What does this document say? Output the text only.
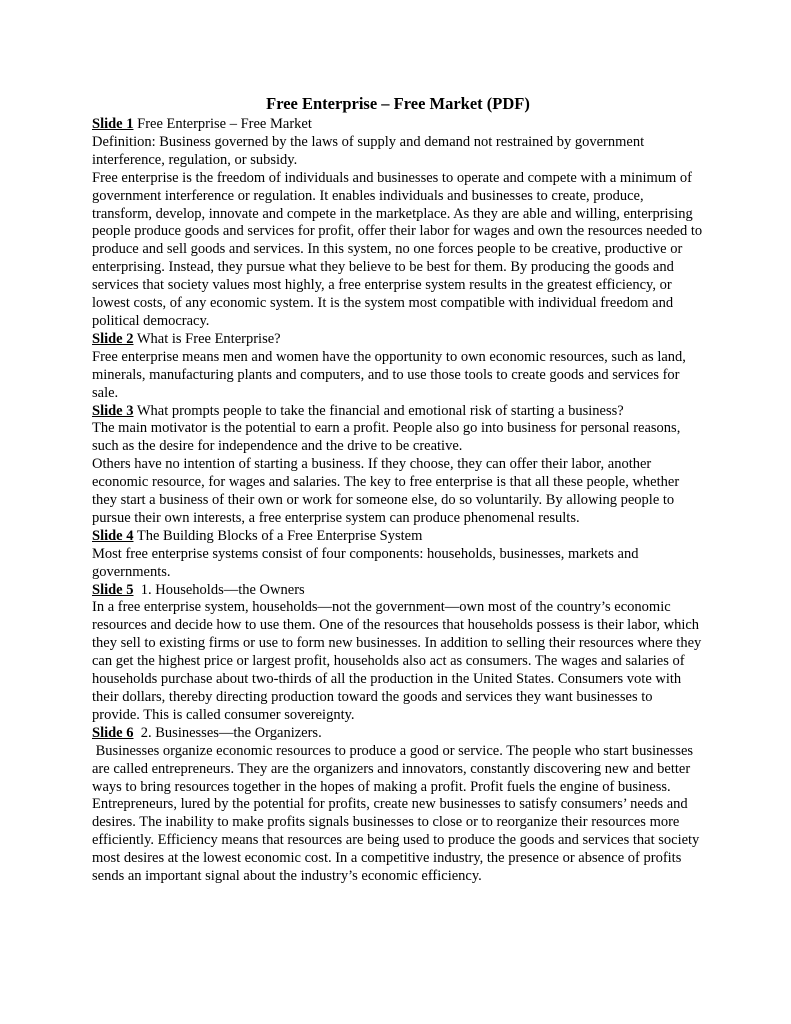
Free Enterprise – Free Market (PDF)

Slide 1 Free Enterprise – Free Market

Definition: Business governed by the laws of supply and demand not restrained by government interference, regulation, or subsidy.

Free enterprise is the freedom of individuals and businesses to operate and compete with a minimum of government interference or regulation. It enables individuals and businesses to create, produce, transform, develop, innovate and compete in the marketplace. As they are able and willing, enterprising people produce goods and services for profit, offer their labor for wages and own the resources needed to produce and sell goods and services. In this system, no one forces people to be creative, productive or enterprising. Instead, they pursue what they believe to be best for them. By producing the goods and services that society values most highly, a free enterprise system results in the greatest efficiency, or lowest costs, of any economic system. It is the system most compatible with individual freedom and political democracy.

Slide 2 What is Free Enterprise?

Free enterprise means men and women have the opportunity to own economic resources, such as land, minerals, manufacturing plants and computers, and to use those tools to create goods and services for sale.

Slide 3 What prompts people to take the financial and emotional risk of starting a business?

The main motivator is the potential to earn a profit. People also go into business for personal reasons, such as the desire for independence and the drive to be creative.

Others have no intention of starting a business. If they choose, they can offer their labor, another economic resource, for wages and salaries. The key to free enterprise is that all these people, whether they start a business of their own or work for someone else, do so voluntarily. By allowing people to pursue their own interests, a free enterprise system can produce phenomenal results.

Slide 4 The Building Blocks of a Free Enterprise System

Most free enterprise systems consist of four components: households, businesses, markets and governments.

Slide 5  1. Households—the Owners

In a free enterprise system, households—not the government—own most of the country’s economic resources and decide how to use them. One of the resources that households possess is their labor, which they sell to existing firms or use to form new businesses. In addition to selling their resources where they can get the highest price or largest profit, households also act as consumers. The wages and salaries of households purchase about two-thirds of all the production in the United States. Consumers vote with their dollars, thereby directing production toward the goods and services they want businesses to provide. This is called consumer sovereignty.

Slide 6  2. Businesses—the Organizers.

Businesses organize economic resources to produce a good or service. The people who start businesses are called entrepreneurs. They are the organizers and innovators, constantly discovering new and better ways to bring resources together in the hopes of making a profit. Profit fuels the engine of business. Entrepreneurs, lured by the potential for profits, create new businesses to satisfy consumers’ needs and desires. The inability to make profits signals businesses to close or to reorganize their resources more efficiently. Efficiency means that resources are being used to produce the goods and services that society most desires at the lowest economic cost. In a competitive industry, the presence or absence of profits sends an important signal about the industry’s economic efficiency.
